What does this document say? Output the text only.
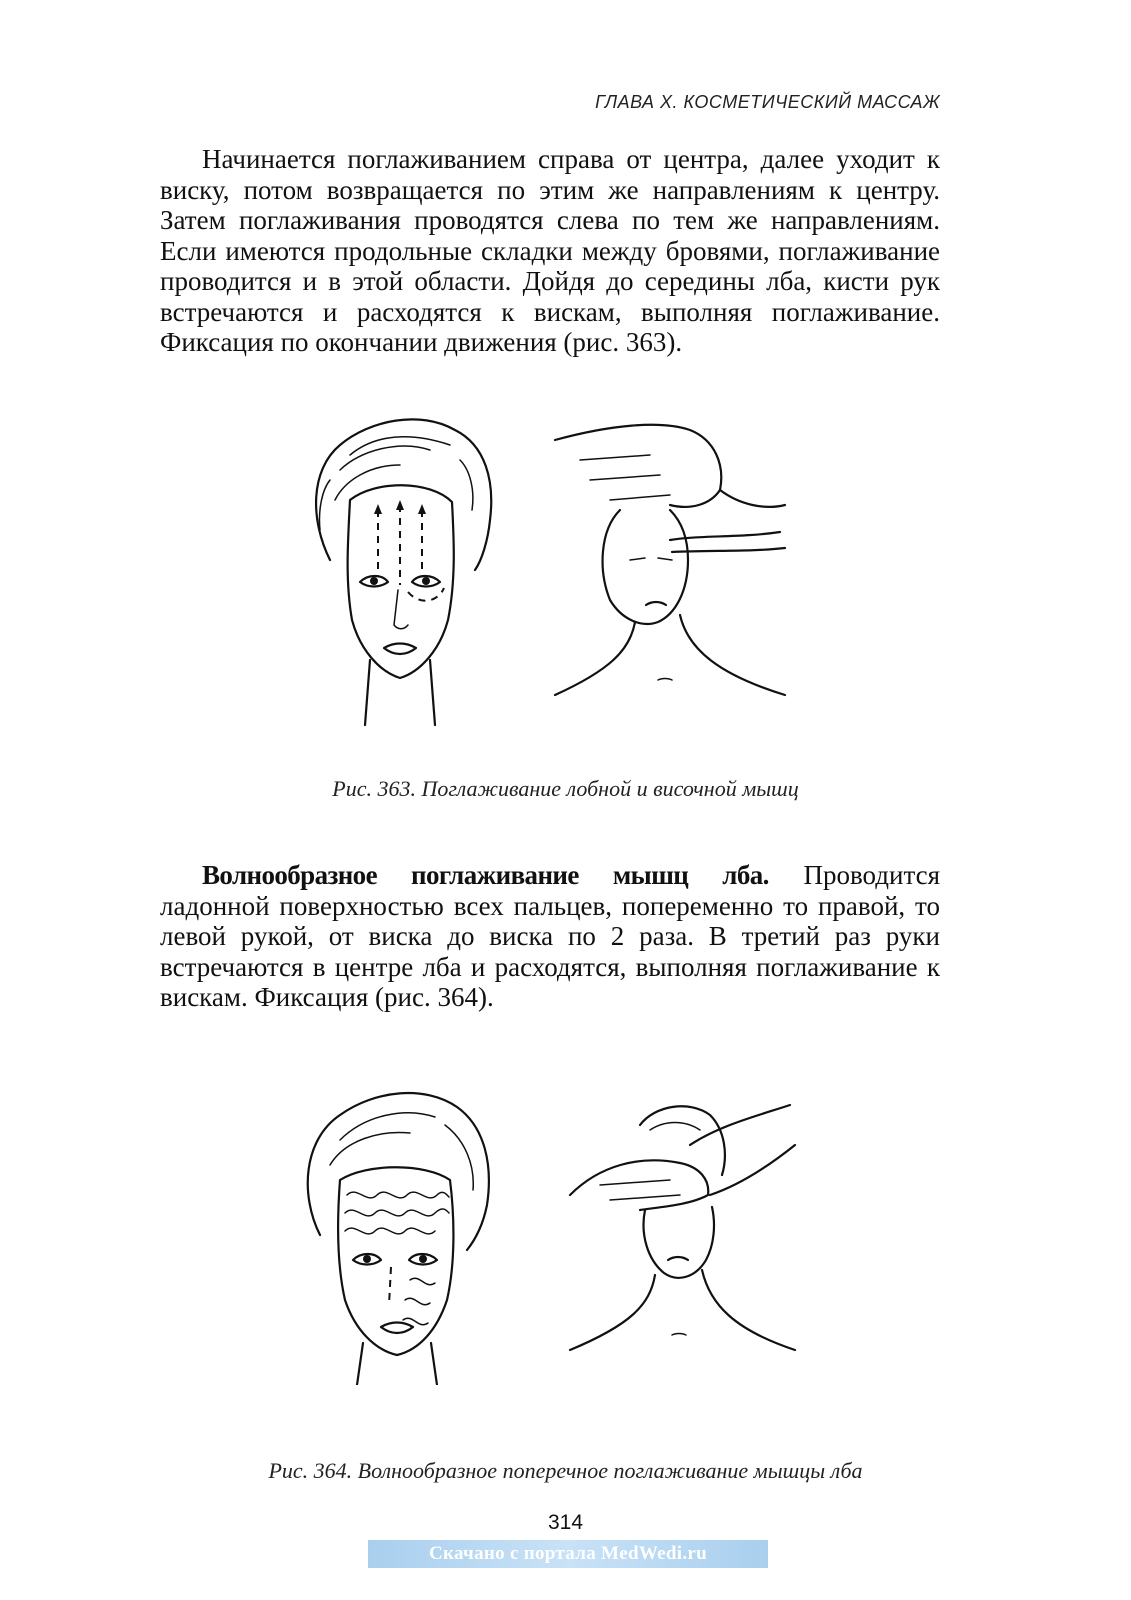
ГЛАВА X. КОСМЕТИЧЕСКИЙ МАССАЖ

Начинается поглаживанием справа от центра, далее уходит к виску, потом возвращается по этим же направлениям к центру. Затем поглаживания проводятся слева по тем же направлениям. Если имеются продольные складки между бровями, поглаживание проводится и в этой области. Дойдя до середины лба, кисти рук встречаются и расходятся к вискам, выполняя поглаживание. Фиксация по окончании движения (рис. 363).

Рис. 363. Поглаживание лобной и височной мышц

Волнообразное поглаживание мышц лба. Проводится ладонной поверхностью всех пальцев, попеременно то правой, то левой рукой, от виска до виска по 2 раза. В третий раз руки встречаются в центре лба и расходятся, выполняя поглаживание к вискам. Фиксация (рис. 364).

Рис. 364. Волнообразное поперечное поглаживание мышцы лба
314
Скачано с портала MedWedi.ru
